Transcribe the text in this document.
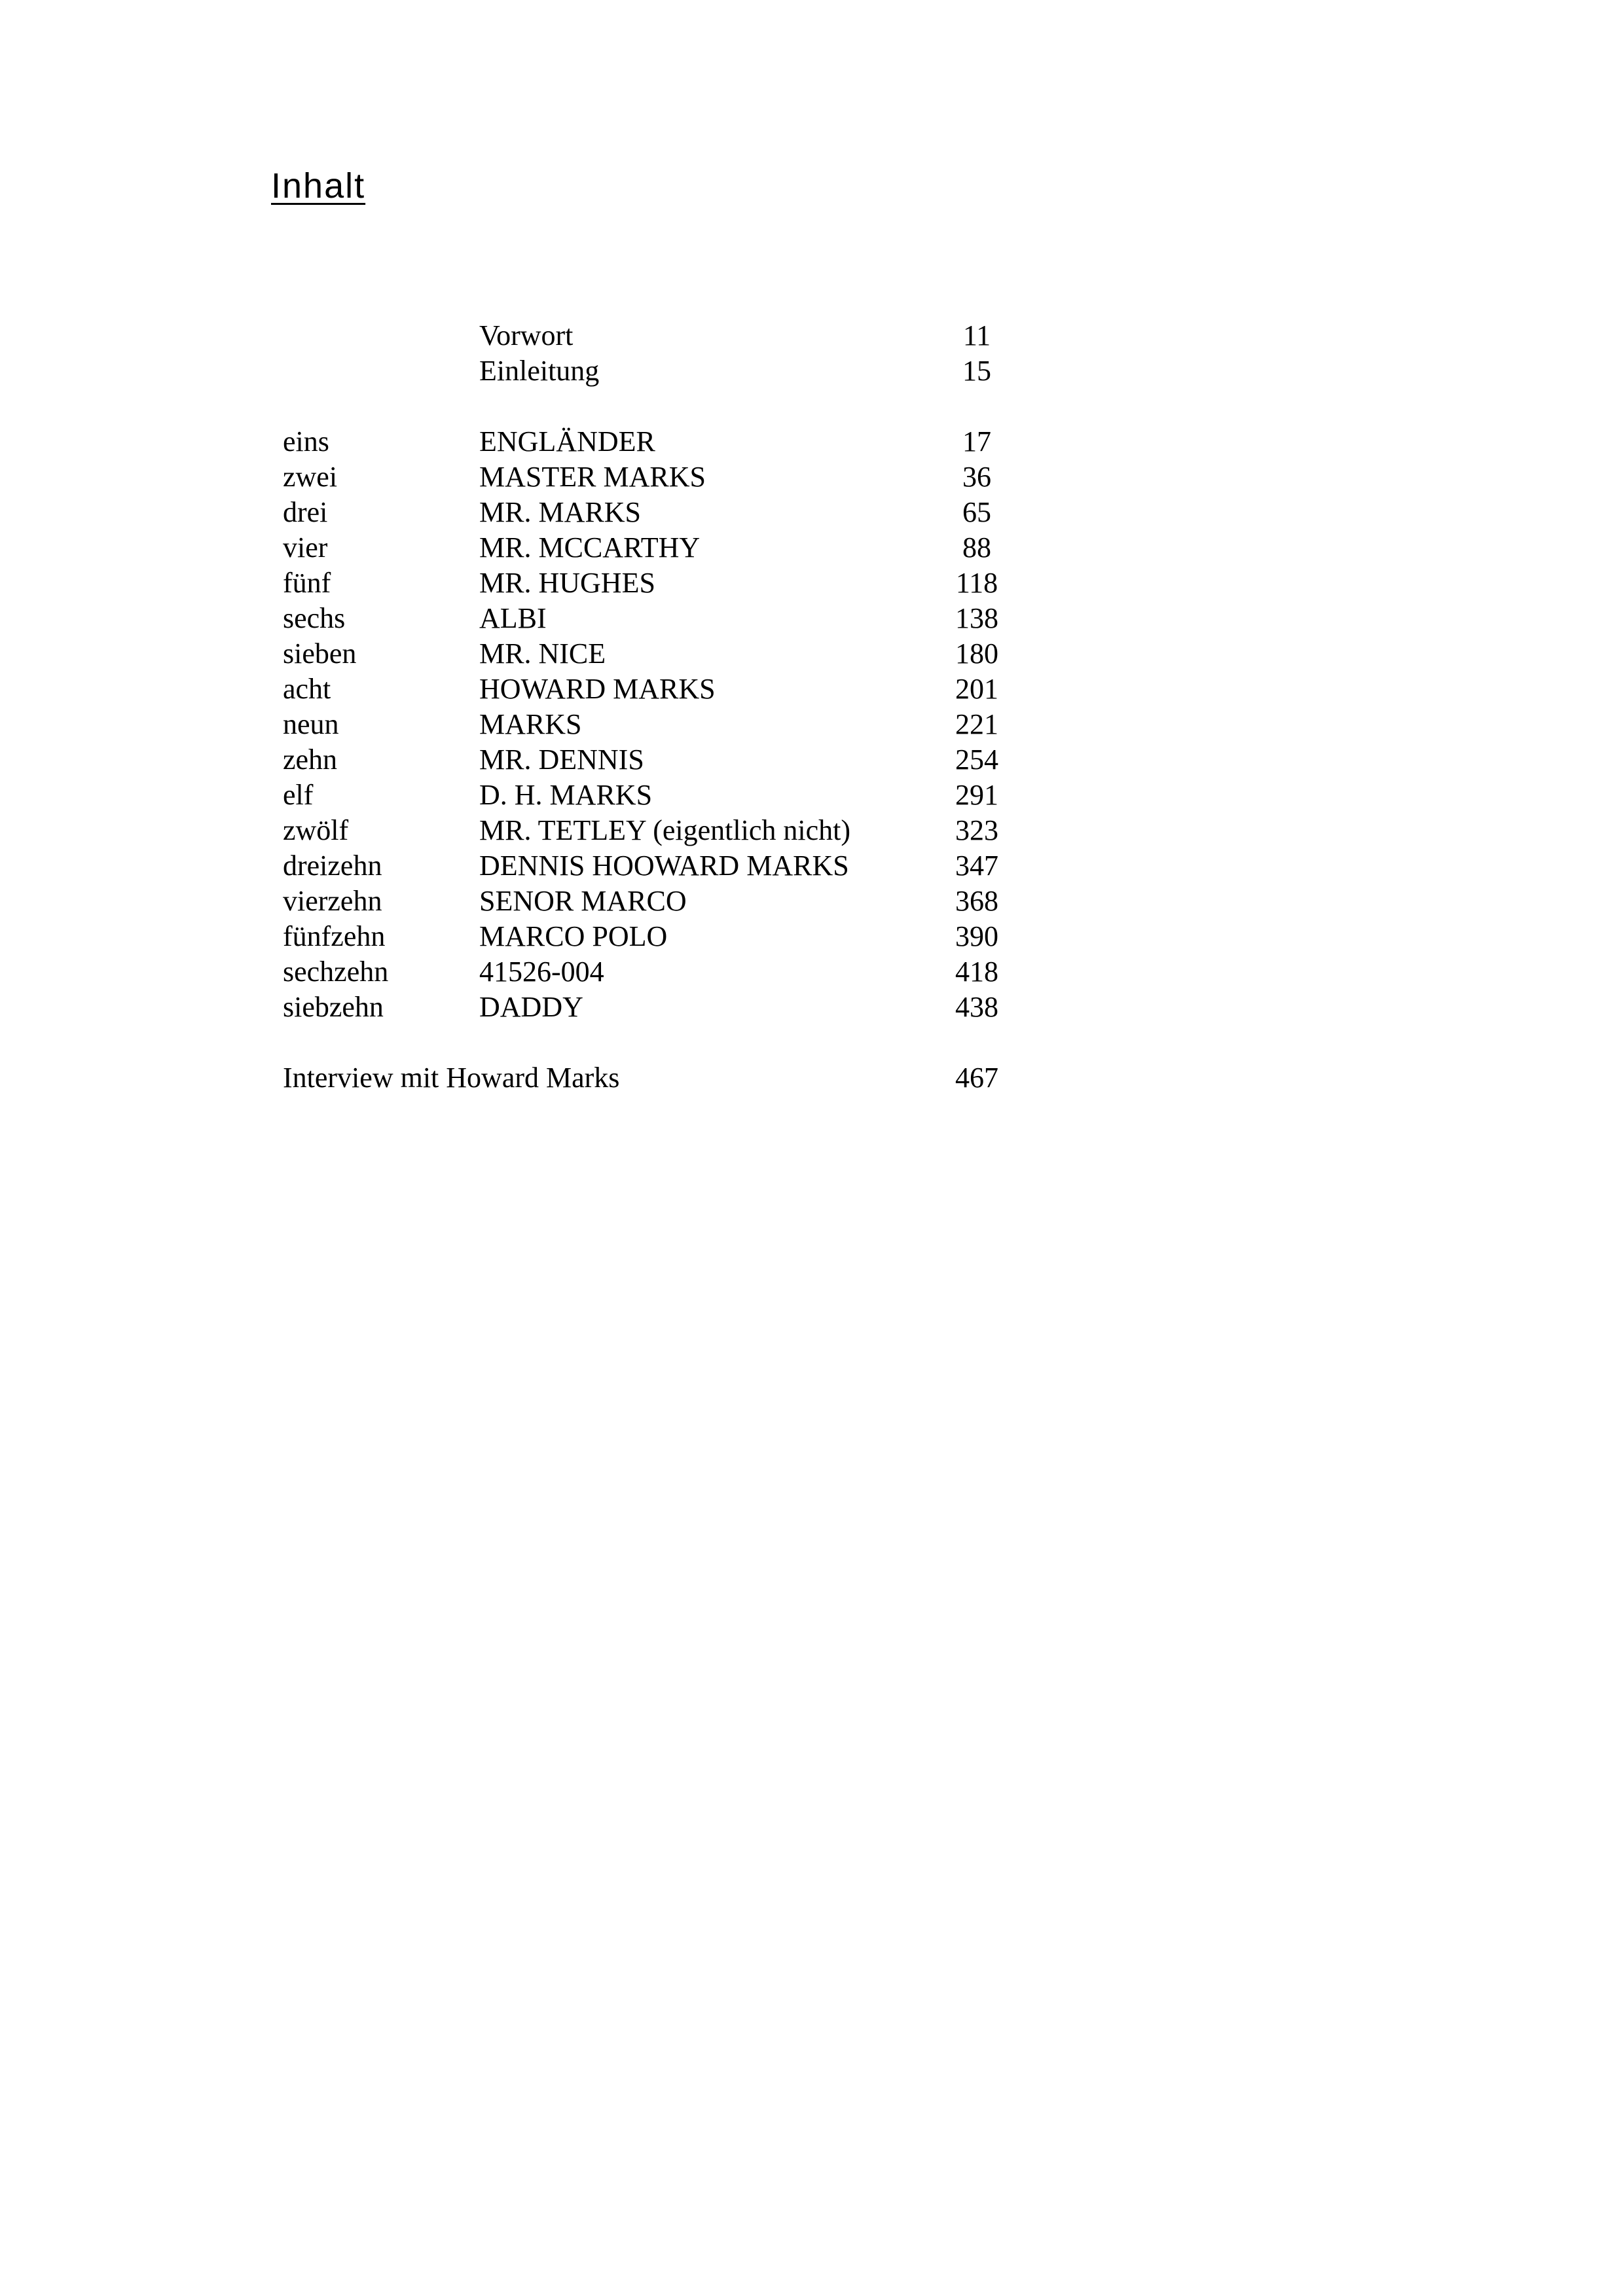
Inhalt
Vorwort	11
Einleitung	15
eins	ENGLÄNDER	17
zwei	MASTER MARKS	36
drei	MR. MARKS	65
vier	MR. MCCARTHY	88
fünf	MR. HUGHES	118
sechs	ALBI	138
sieben	MR. NICE	180
acht	HOWARD MARKS	201
neun	MARKS	221
zehn	MR. DENNIS	254
elf	D. H. MARKS	291
zwölf	MR. TETLEY (eigentlich nicht)	323
dreizehn	DENNIS HOOWARD MARKS	347
vierzehn	SENOR MARCO	368
fünfzehn	MARCO POLO	390
sechzehn	41526-004	418
siebzehn	DADDY	438
Interview mit Howard Marks	467
